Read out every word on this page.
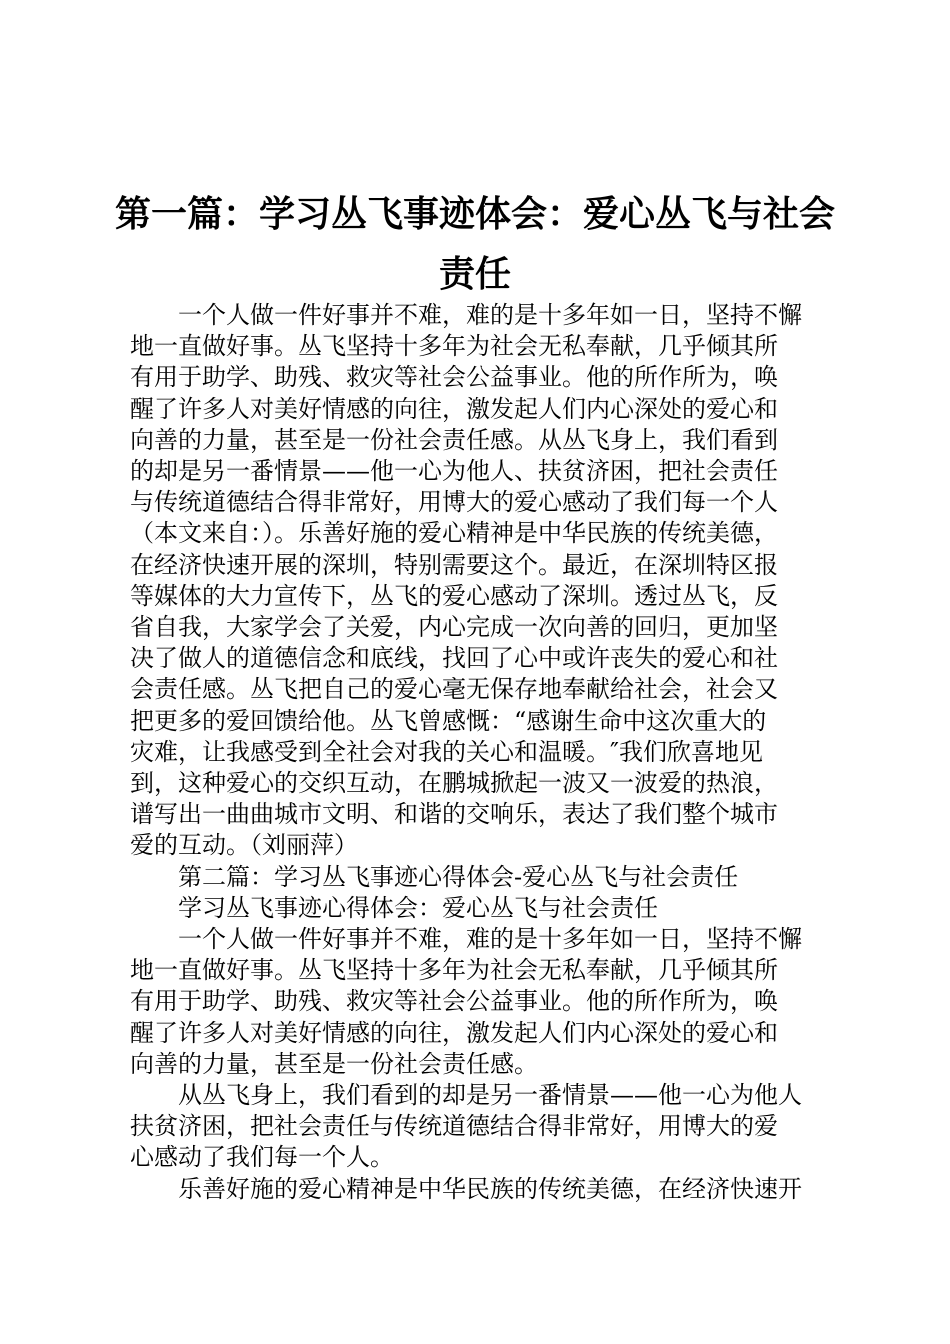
第一篇：学习丛飞事迹体会：爱心丛飞与社会
责任
　　一个人做一件好事并不难，难的是十多年如一日，坚持不懈
地一直做好事。丛飞坚持十多年为社会无私奉献，几乎倾其所
有用于助学、助残、救灾等社会公益事业。他的所作所为，唤
醒了许多人对美好情感的向往，激发起人们内心深处的爱心和
向善的力量，甚至是一份社会责任感。从丛飞身上，我们看到
的却是另一番情景——他一心为他人、扶贫济困，把社会责任
与传统道德结合得非常好，用博大的爱心感动了我们每一个人
（本文来自：）。乐善好施的爱心精神是中华民族的传统美德，
在经济快速开展的深圳，特别需要这个。最近，在深圳特区报
等媒体的大力宣传下，丛飞的爱心感动了深圳。透过丛飞，反
省自我，大家学会了关爱，内心完成一次向善的回归，更加坚
决了做人的道德信念和底线，找回了心中或许丧失的爱心和社
会责任感。丛飞把自己的爱心毫无保存地奉献给社会，社会又
把更多的爱回馈给他。丛飞曾感慨：“感谢生命中这次重大的
灾难，让我感受到全社会对我的关心和温暖。″我们欣喜地见
到，这种爱心的交织互动，在鹏城掀起一波又一波爱的热浪，
谱写出一曲曲城市文明、和谐的交响乐，表达了我们整个城市
爱的互动。（刘丽萍）
　　第二篇：学习丛飞事迹心得体会-爱心丛飞与社会责任
　　学习丛飞事迹心得体会：爱心丛飞与社会责任
　　一个人做一件好事并不难，难的是十多年如一日，坚持不懈
地一直做好事。丛飞坚持十多年为社会无私奉献，几乎倾其所
有用于助学、助残、救灾等社会公益事业。他的所作所为，唤
醒了许多人对美好情感的向往，激发起人们内心深处的爱心和
向善的力量，甚至是一份社会责任感。
　　从丛飞身上，我们看到的却是另一番情景——他一心为他人
扶贫济困，把社会责任与传统道德结合得非常好，用博大的爱
心感动了我们每一个人。
　　乐善好施的爱心精神是中华民族的传统美德，在经济快速开
